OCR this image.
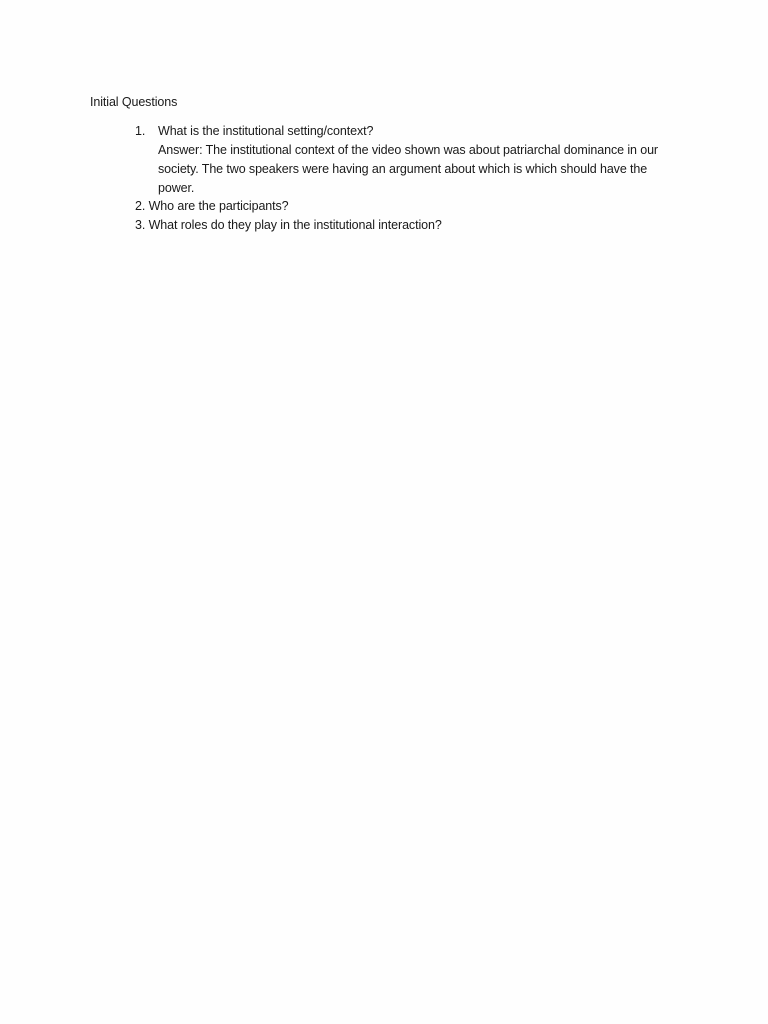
Initial Questions
1. What is the institutional setting/context?
Answer: The institutional context of the video shown was about patriarchal dominance in our society. The two speakers were having an argument about which is which should have the power.
2. Who are the participants?
3. What roles do they play in the institutional interaction?
